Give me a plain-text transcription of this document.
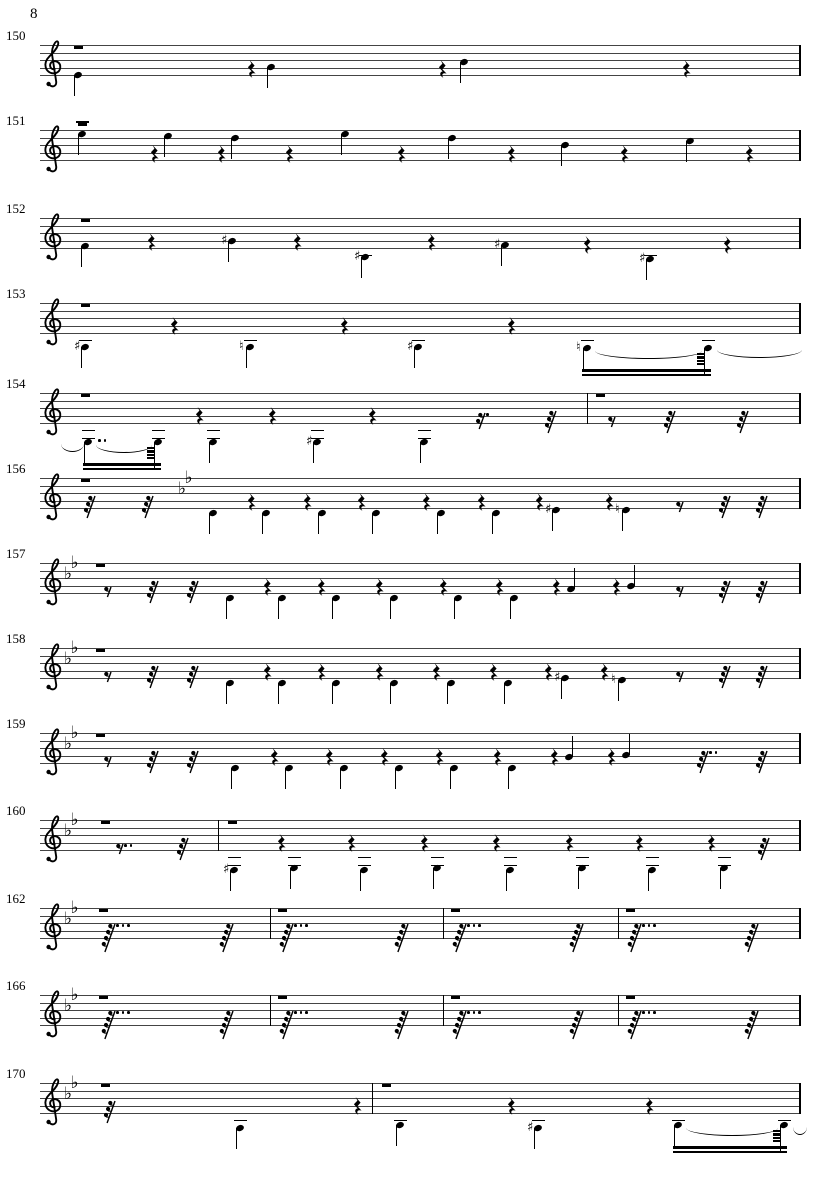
8
150
151
152
♯
♯
♯
♯
153
♯	♮	♯	♮
154
♯
156
♭
♭
♯	♮
157
♭
♭
158
♭
♭
♯	♮
159
♭
♭
160
♭
♭
♯
162
♭
♭
166
♭
♭
170
♭
♭
♯
